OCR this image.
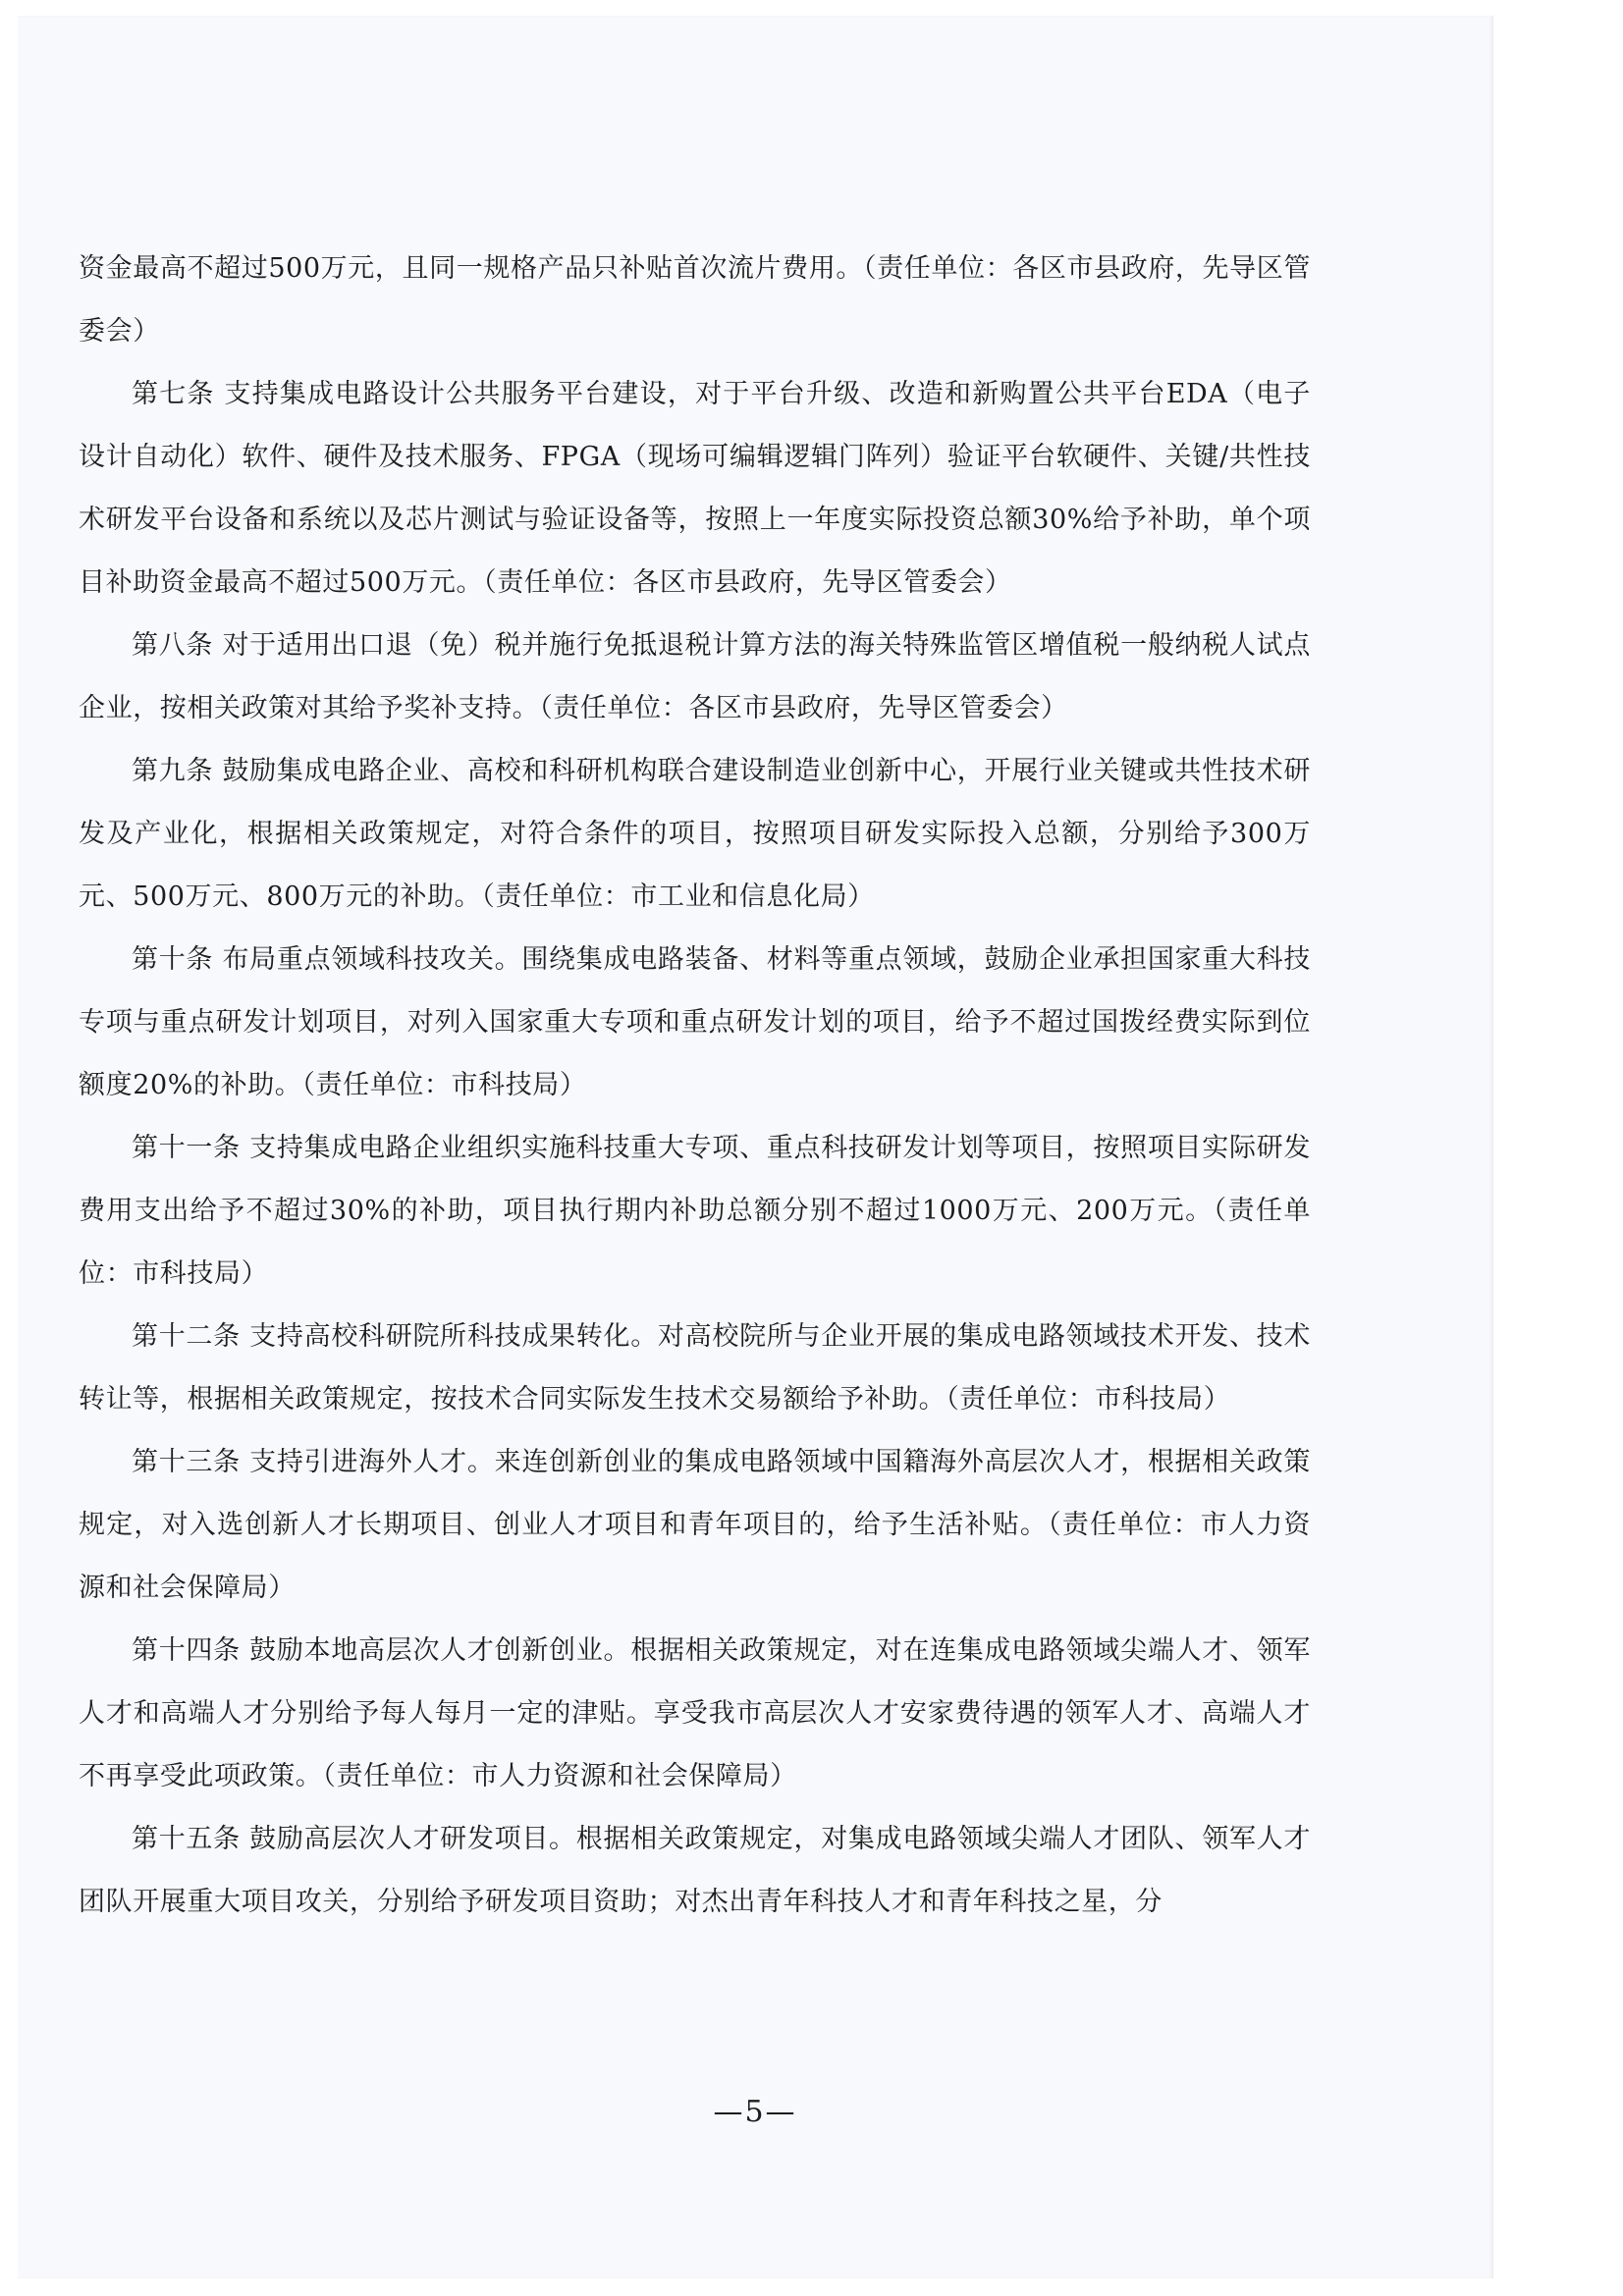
资金最高不超过500万元，且同一规格产品只补贴首次流片费用。（责任单位：各区市县政府，先导区管委会）

第七条 支持集成电路设计公共服务平台建设，对于平台升级、改造和新购置公共平台EDA（电子设计自动化）软件、硬件及技术服务、FPGA（现场可编辑逻辑门阵列）验证平台软硬件、关键/共性技术研发平台设备和系统以及芯片测试与验证设备等，按照上一年度实际投资总额30%给予补助，单个项目补助资金最高不超过500万元。（责任单位：各区市县政府，先导区管委会）

第八条 对于适用出口退（免）税并施行免抵退税计算方法的海关特殊监管区增值税一般纳税人试点企业，按相关政策对其给予奖补支持。（责任单位：各区市县政府，先导区管委会）

第九条 鼓励集成电路企业、高校和科研机构联合建设制造业创新中心，开展行业关键或共性技术研发及产业化，根据相关政策规定，对符合条件的项目，按照项目研发实际投入总额，分别给予300万元、500万元、800万元的补助。（责任单位：市工业和信息化局）

第十条 布局重点领域科技攻关。围绕集成电路装备、材料等重点领域，鼓励企业承担国家重大科技专项与重点研发计划项目，对列入国家重大专项和重点研发计划的项目，给予不超过国拨经费实际到位额度20%的补助。（责任单位：市科技局）

第十一条 支持集成电路企业组织实施科技重大专项、重点科技研发计划等项目，按照项目实际研发费用支出给予不超过30%的补助，项目执行期内补助总额分别不超过1000万元、200万元。（责任单位：市科技局）

第十二条 支持高校科研院所科技成果转化。对高校院所与企业开展的集成电路领域技术开发、技术转让等，根据相关政策规定，按技术合同实际发生技术交易额给予补助。（责任单位：市科技局）

第十三条 支持引进海外人才。来连创新创业的集成电路领域中国籍海外高层次人才，根据相关政策规定，对入选创新人才长期项目、创业人才项目和青年项目的，给予生活补贴。（责任单位：市人力资源和社会保障局）

第十四条 鼓励本地高层次人才创新创业。根据相关政策规定，对在连集成电路领域尖端人才、领军人才和高端人才分别给予每人每月一定的津贴。享受我市高层次人才安家费待遇的领军人才、高端人才不再享受此项政策。（责任单位：市人力资源和社会保障局）

第十五条 鼓励高层次人才研发项目。根据相关政策规定，对集成电路领域尖端人才团队、领军人才团队开展重大项目攻关，分别给予研发项目资助；对杰出青年科技人才和青年科技之星，分

—5—
